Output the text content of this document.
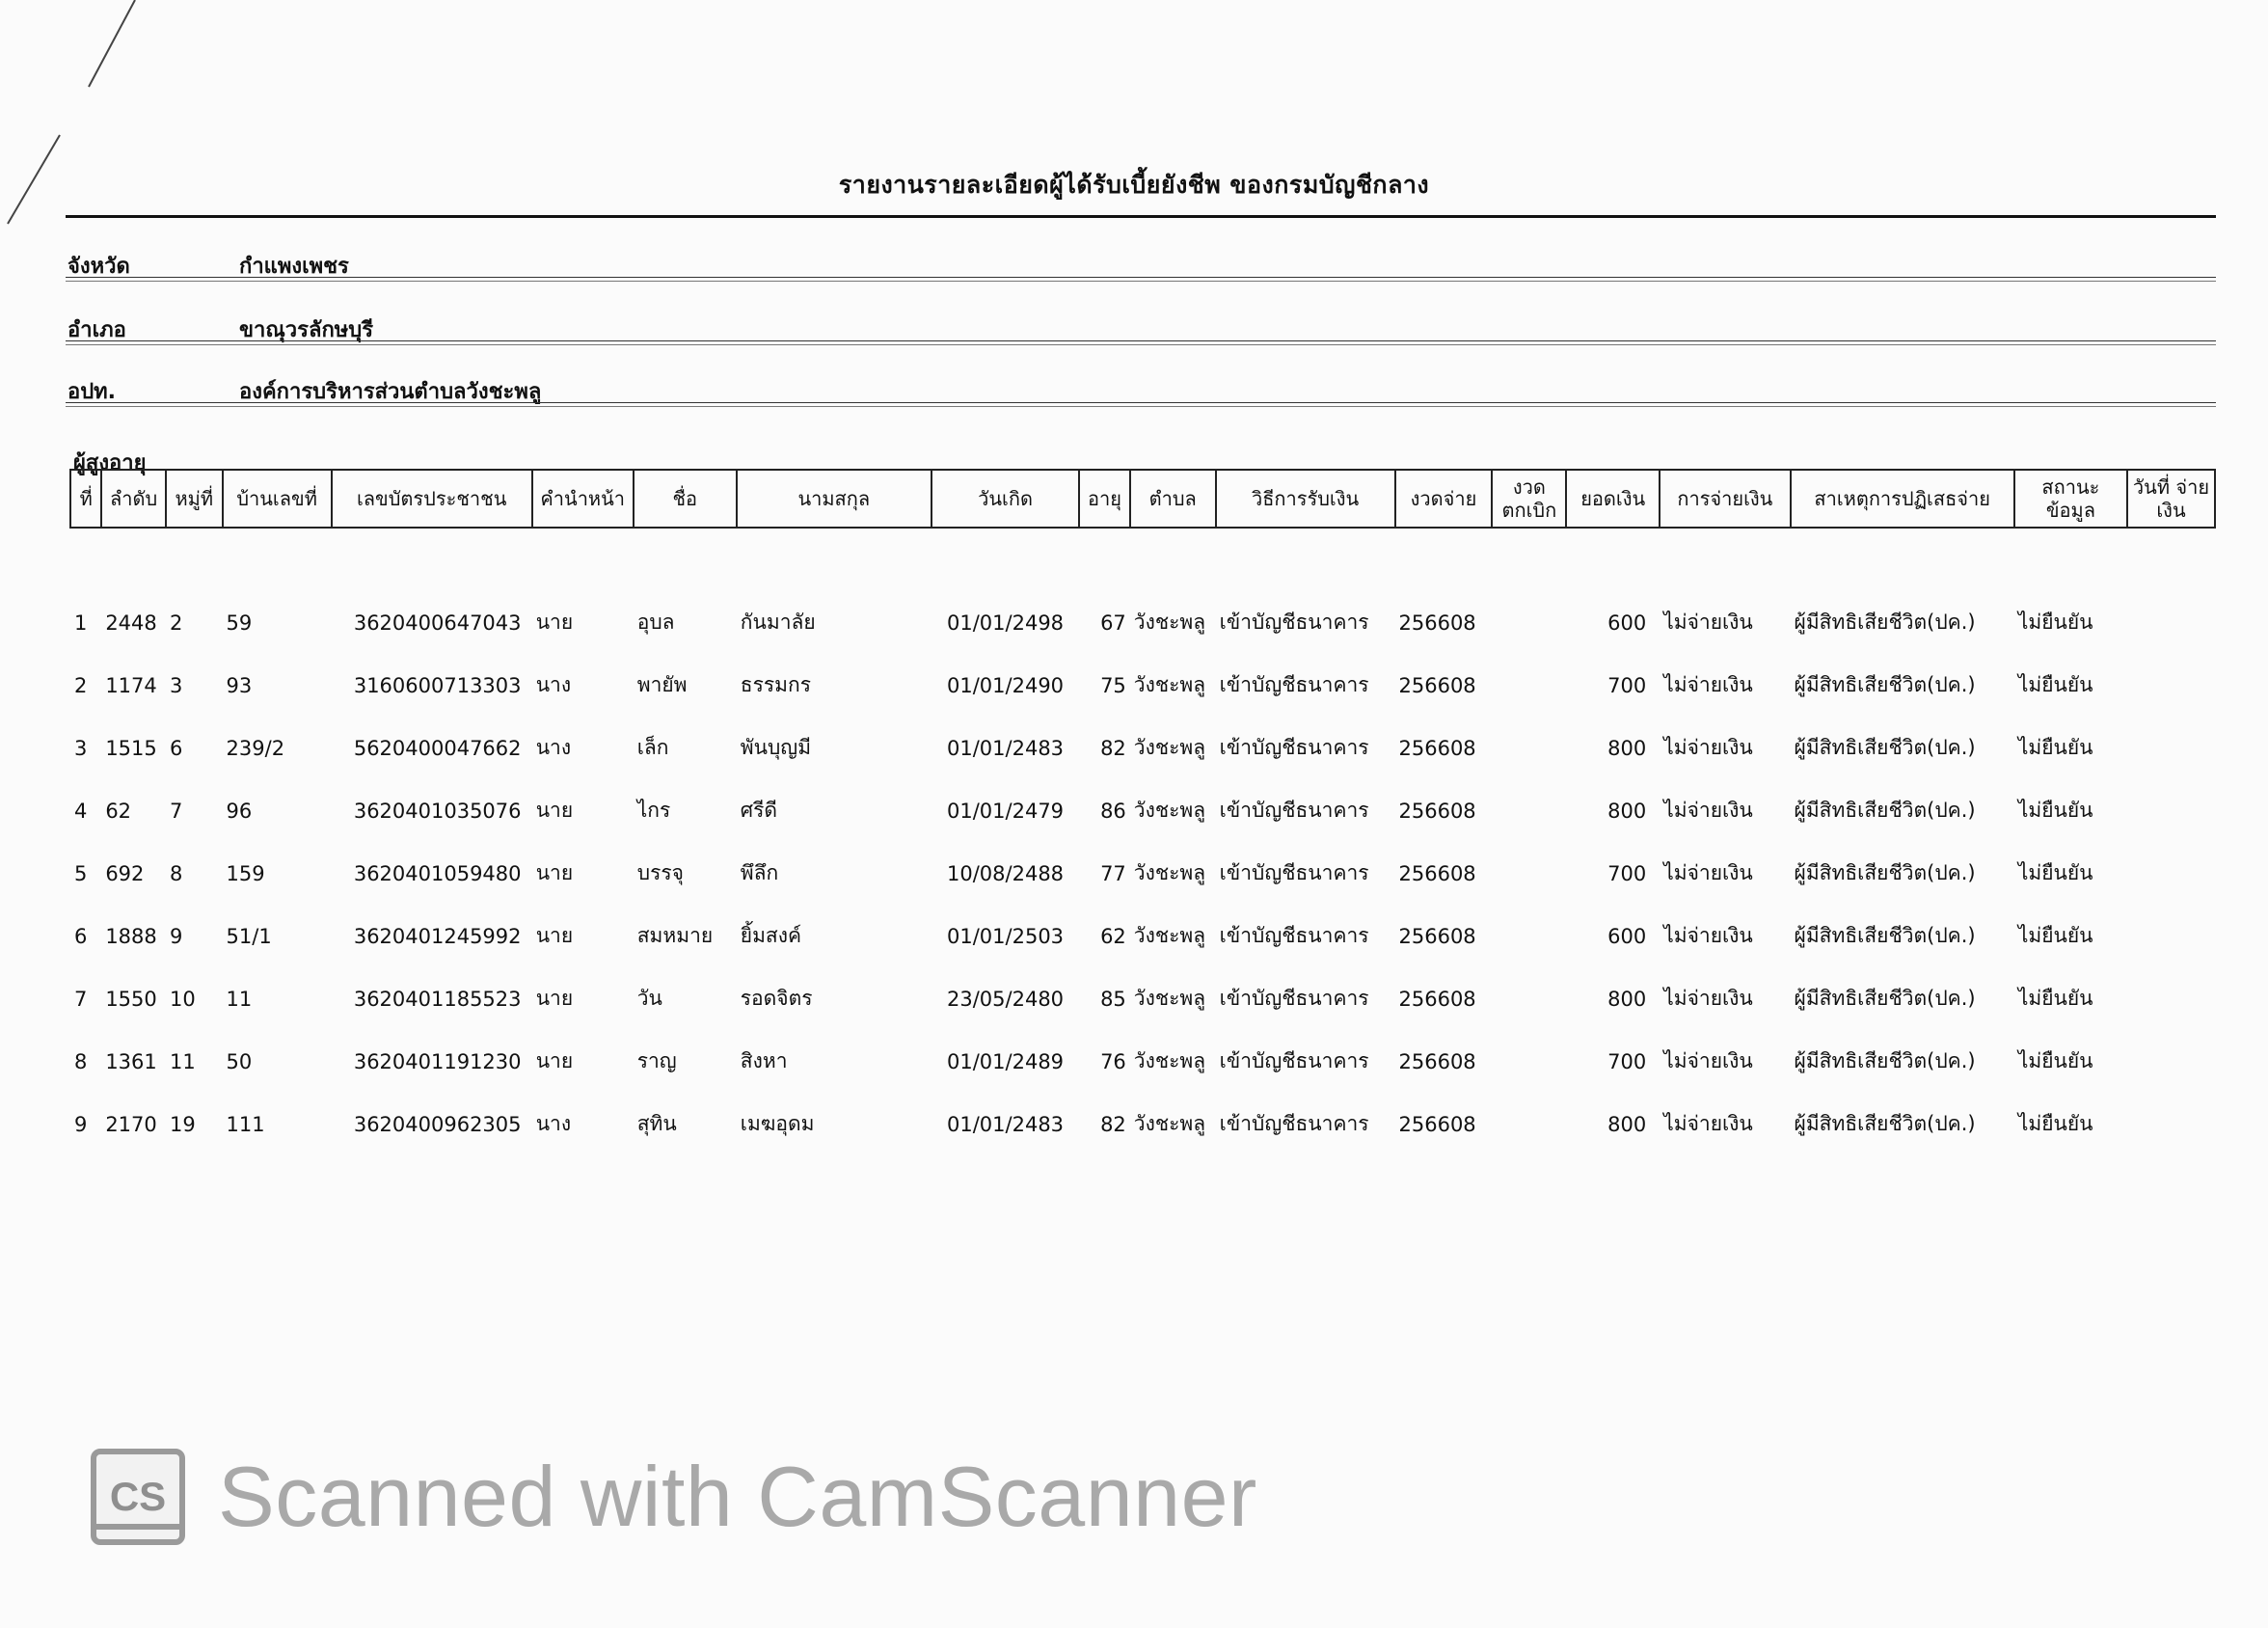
รายงานรายละเอียดผู้ได้รับเบี้ยยังชีพ ของกรมบัญชีกลาง
จังหวัด	กำแพงเพชร
อำเภอ	ขาณุวรลักษบุรี
อปท.	องค์การบริหารส่วนตำบลวังชะพลู
ผู้สูงอายุ
ที่	ลำดับ	หมู่ที่	บ้านเลขที่	เลขบัตรประชาชน	คำนำหน้า	ชื่อ	นามสกุล	วันเกิด	อายุ	ตำบล	วิธีการรับเงิน	งวดจ่าย	งวด ตกเบิก	ยอดเงิน	การจ่ายเงิน	สาเหตุการปฏิเสธจ่าย	สถานะ ข้อมูล	วันที่ จ่ายเงิน

1	2448	2	59	3620400647043	นาย	อุบล	กันมาลัย	01/01/2498	67	วังชะพลู	เข้าบัญชีธนาคาร	256608		600	ไม่จ่ายเงิน	ผู้มีสิทธิเสียชีวิต(ปค.)	ไม่ยืนยัน	
2	1174	3	93	3160600713303	นาง	พายัพ	ธรรมกร	01/01/2490	75	วังชะพลู	เข้าบัญชีธนาคาร	256608		700	ไม่จ่ายเงิน	ผู้มีสิทธิเสียชีวิต(ปค.)	ไม่ยืนยัน	
3	1515	6	239/2	5620400047662	นาง	เล็ก	พันบุญมี	01/01/2483	82	วังชะพลู	เข้าบัญชีธนาคาร	256608		800	ไม่จ่ายเงิน	ผู้มีสิทธิเสียชีวิต(ปค.)	ไม่ยืนยัน	
4	62	7	96	3620401035076	นาย	ไกร	ศรีดี	01/01/2479	86	วังชะพลู	เข้าบัญชีธนาคาร	256608		800	ไม่จ่ายเงิน	ผู้มีสิทธิเสียชีวิต(ปค.)	ไม่ยืนยัน	
5	692	8	159	3620401059480	นาย	บรรจุ	พึลึก	10/08/2488	77	วังชะพลู	เข้าบัญชีธนาคาร	256608		700	ไม่จ่ายเงิน	ผู้มีสิทธิเสียชีวิต(ปค.)	ไม่ยืนยัน	
6	1888	9	51/1	3620401245992	นาย	สมหมาย	ยิ้มสงค์	01/01/2503	62	วังชะพลู	เข้าบัญชีธนาคาร	256608		600	ไม่จ่ายเงิน	ผู้มีสิทธิเสียชีวิต(ปค.)	ไม่ยืนยัน	
7	1550	10	11	3620401185523	นาย	วัน	รอดจิตร	23/05/2480	85	วังชะพลู	เข้าบัญชีธนาคาร	256608		800	ไม่จ่ายเงิน	ผู้มีสิทธิเสียชีวิต(ปค.)	ไม่ยืนยัน	
8	1361	11	50	3620401191230	นาย	ราญ	สิงหา	01/01/2489	76	วังชะพลู	เข้าบัญชีธนาคาร	256608		700	ไม่จ่ายเงิน	ผู้มีสิทธิเสียชีวิต(ปค.)	ไม่ยืนยัน	
9	2170	19	111	3620400962305	นาง	สุทิน	เมฆอุดม	01/01/2483	82	วังชะพลู	เข้าบัญชีธนาคาร	256608		800	ไม่จ่ายเงิน	ผู้มีสิทธิเสียชีวิต(ปค.)	ไม่ยืนยัน	
CS Scanned with CamScanner
